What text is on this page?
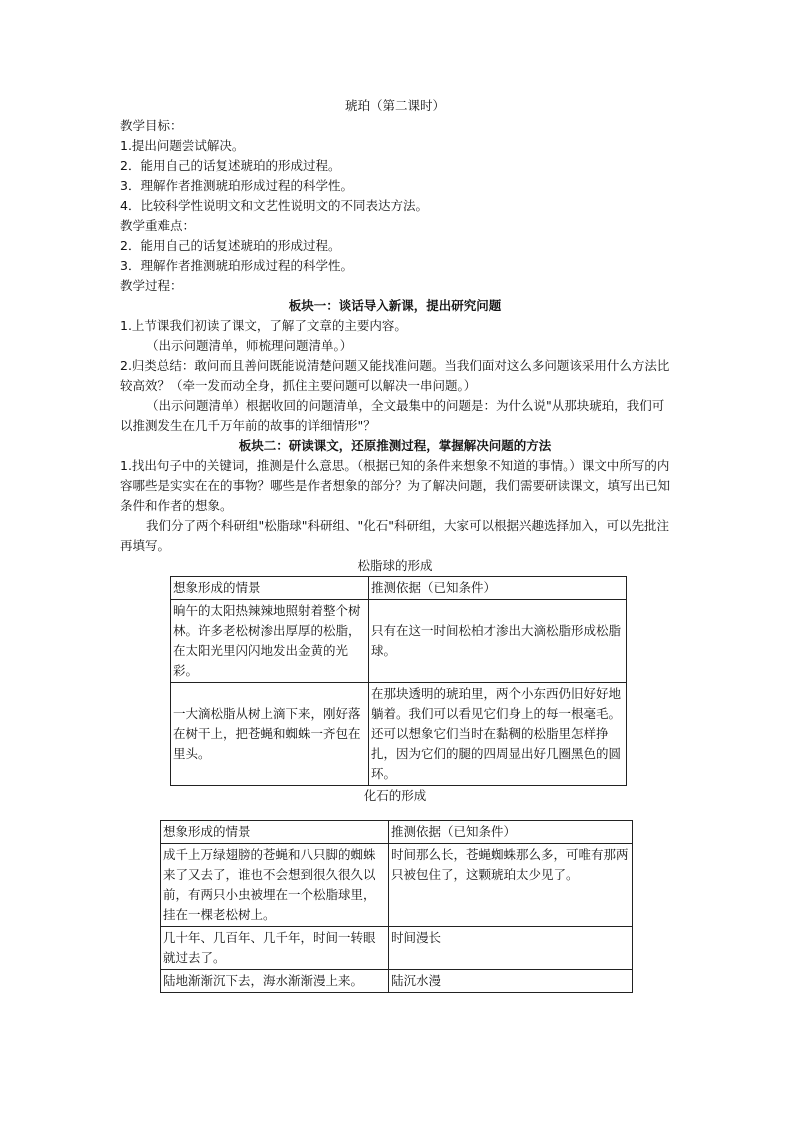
琥珀（第二课时）
教学目标：
1.提出问题尝试解决。
2．能用自己的话复述琥珀的形成过程。
3．理解作者推测琥珀形成过程的科学性。
4．比较科学性说明文和文艺性说明文的不同表达方法。
教学重难点：
2．能用自己的话复述琥珀的形成过程。
3．理解作者推测琥珀形成过程的科学性。
教学过程：
板块一：谈话导入新课，提出研究问题
1.上节课我们初读了课文，了解了文章的主要内容。
（出示问题清单，师梳理问题清单。）
2.归类总结：敢问而且善问既能说清楚问题又能找准问题。当我们面对这么多问题该采用什么方法比较高效？（牵一发而动全身，抓住主要问题可以解决一串问题。）
（出示问题清单）根据收回的问题清单，全文最集中的问题是：为什么说"从那块琥珀，我们可以推测发生在几千万年前的故事的详细情形"？
板块二：研读课文，还原推测过程，掌握解决问题的方法
1.找出句子中的关键词，推测是什么意思。（根据已知的条件来想象不知道的事情。）课文中所写的内容哪些是实实在在的事物？哪些是作者想象的部分？为了解决问题，我们需要研读课文，填写出已知条件和作者的想象。
我们分了两个科研组"松脂球"科研组、"化石"科研组，大家可以根据兴趣选择加入，可以先批注再填写。
松脂球的形成
想象形成的情景	推测依据（已知条件）
晌午的太阳热辣辣地照射着整个树林。许多老松树渗出厚厚的松脂，在太阳光里闪闪地发出金黄的光彩。	只有在这一时间松柏才渗出大滴松脂形成松脂球。
一大滴松脂从树上滴下来，刚好落在树干上，把苍蝇和蜘蛛一齐包在里头。	在那块透明的琥珀里，两个小东西仍旧好好地躺着。我们可以看见它们身上的每一根毫毛。还可以想象它们当时在黏稠的松脂里怎样挣扎，因为它们的腿的四周显出好几圈黑色的圆环。
化石的形成
想象形成的情景	推测依据（已知条件）
成千上万绿翅膀的苍蝇和八只脚的蜘蛛来了又去了，谁也不会想到很久很久以前，有两只小虫被埋在一个松脂球里，挂在一棵老松树上。	时间那么长，苍蝇蜘蛛那么多，可唯有那两只被包住了，这颗琥珀太少见了。
几十年、几百年、几千年，时间一转眼就过去了。	时间漫长
陆地渐渐沉下去，海水渐渐漫上来。	陆沉水漫
